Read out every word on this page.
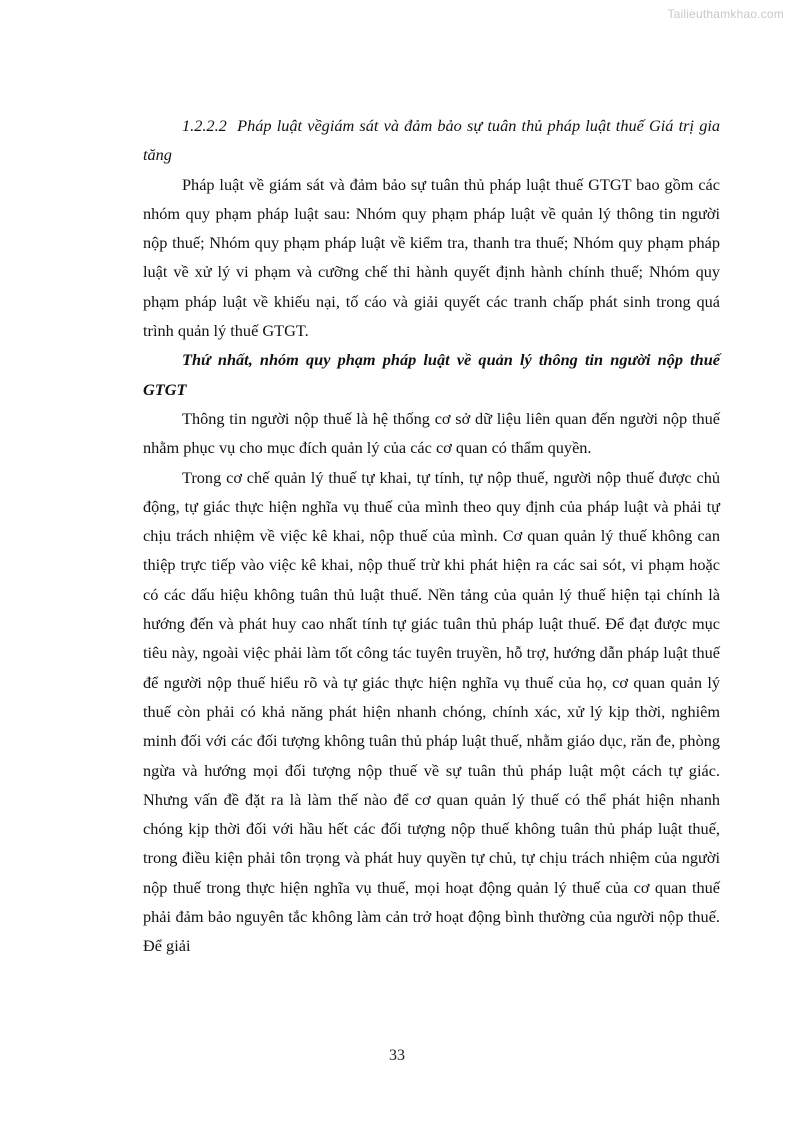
Tailieuthamkhao.com

1.2.2.2 Pháp luật vềgiám sát và đảm bảo sự tuân thủ pháp luật thuế Giá trị gia tăng

Pháp luật về giám sát và đảm bảo sự tuân thủ pháp luật thuế GTGT bao gồm các nhóm quy phạm pháp luật sau: Nhóm quy phạm pháp luật về quản lý thông tin người nộp thuế; Nhóm quy phạm pháp luật về kiểm tra, thanh tra thuế; Nhóm quy phạm pháp luật về xử lý vi phạm và cưỡng chế thi hành quyết định hành chính thuế; Nhóm quy phạm pháp luật về khiếu nại, tố cáo và giải quyết các tranh chấp phát sinh trong quá trình quản lý thuế GTGT.

Thứ nhất, nhóm quy phạm pháp luật về quản lý thông tin người nộp thuế GTGT

Thông tin người nộp thuế là hệ thống cơ sở dữ liệu liên quan đến người nộp thuế nhằm phục vụ cho mục đích quản lý của các cơ quan có thẩm quyền.

Trong cơ chế quản lý thuế tự khai, tự tính, tự nộp thuế, người nộp thuế được chủ động, tự giác thực hiện nghĩa vụ thuế của mình theo quy định của pháp luật và phải tự chịu trách nhiệm về việc kê khai, nộp thuế của mình. Cơ quan quản lý thuế không can thiệp trực tiếp vào việc kê khai, nộp thuế trừ khi phát hiện ra các sai sót, vi phạm hoặc có các dấu hiệu không tuân thủ luật thuế. Nền tảng của quản lý thuế hiện tại chính là hướng đến và phát huy cao nhất tính tự giác tuân thủ pháp luật thuế. Để đạt được mục tiêu này, ngoài việc phải làm tốt công tác tuyên truyền, hỗ trợ, hướng dẫn pháp luật thuế để người nộp thuế hiểu rõ và tự giác thực hiện nghĩa vụ thuế của họ, cơ quan quản lý thuế còn phải có khả năng phát hiện nhanh chóng, chính xác, xử lý kịp thời, nghiêm minh đối với các đối tượng không tuân thủ pháp luật thuế, nhằm giáo dục, răn đe, phòng ngừa và hướng mọi đối tượng nộp thuế về sự tuân thủ pháp luật một cách tự giác. Nhưng vấn đề đặt ra là làm thế nào để cơ quan quản lý thuế có thể phát hiện nhanh chóng kịp thời đối với hầu hết các đối tượng nộp thuế không tuân thủ pháp luật thuế, trong điều kiện phải tôn trọng và phát huy quyền tự chủ, tự chịu trách nhiệm của người nộp thuế trong thực hiện nghĩa vụ thuế, mọi hoạt động quản lý thuế của cơ quan thuế phải đảm bảo nguyên tắc không làm cản trở hoạt động bình thường của người nộp thuế. Để giải

33
